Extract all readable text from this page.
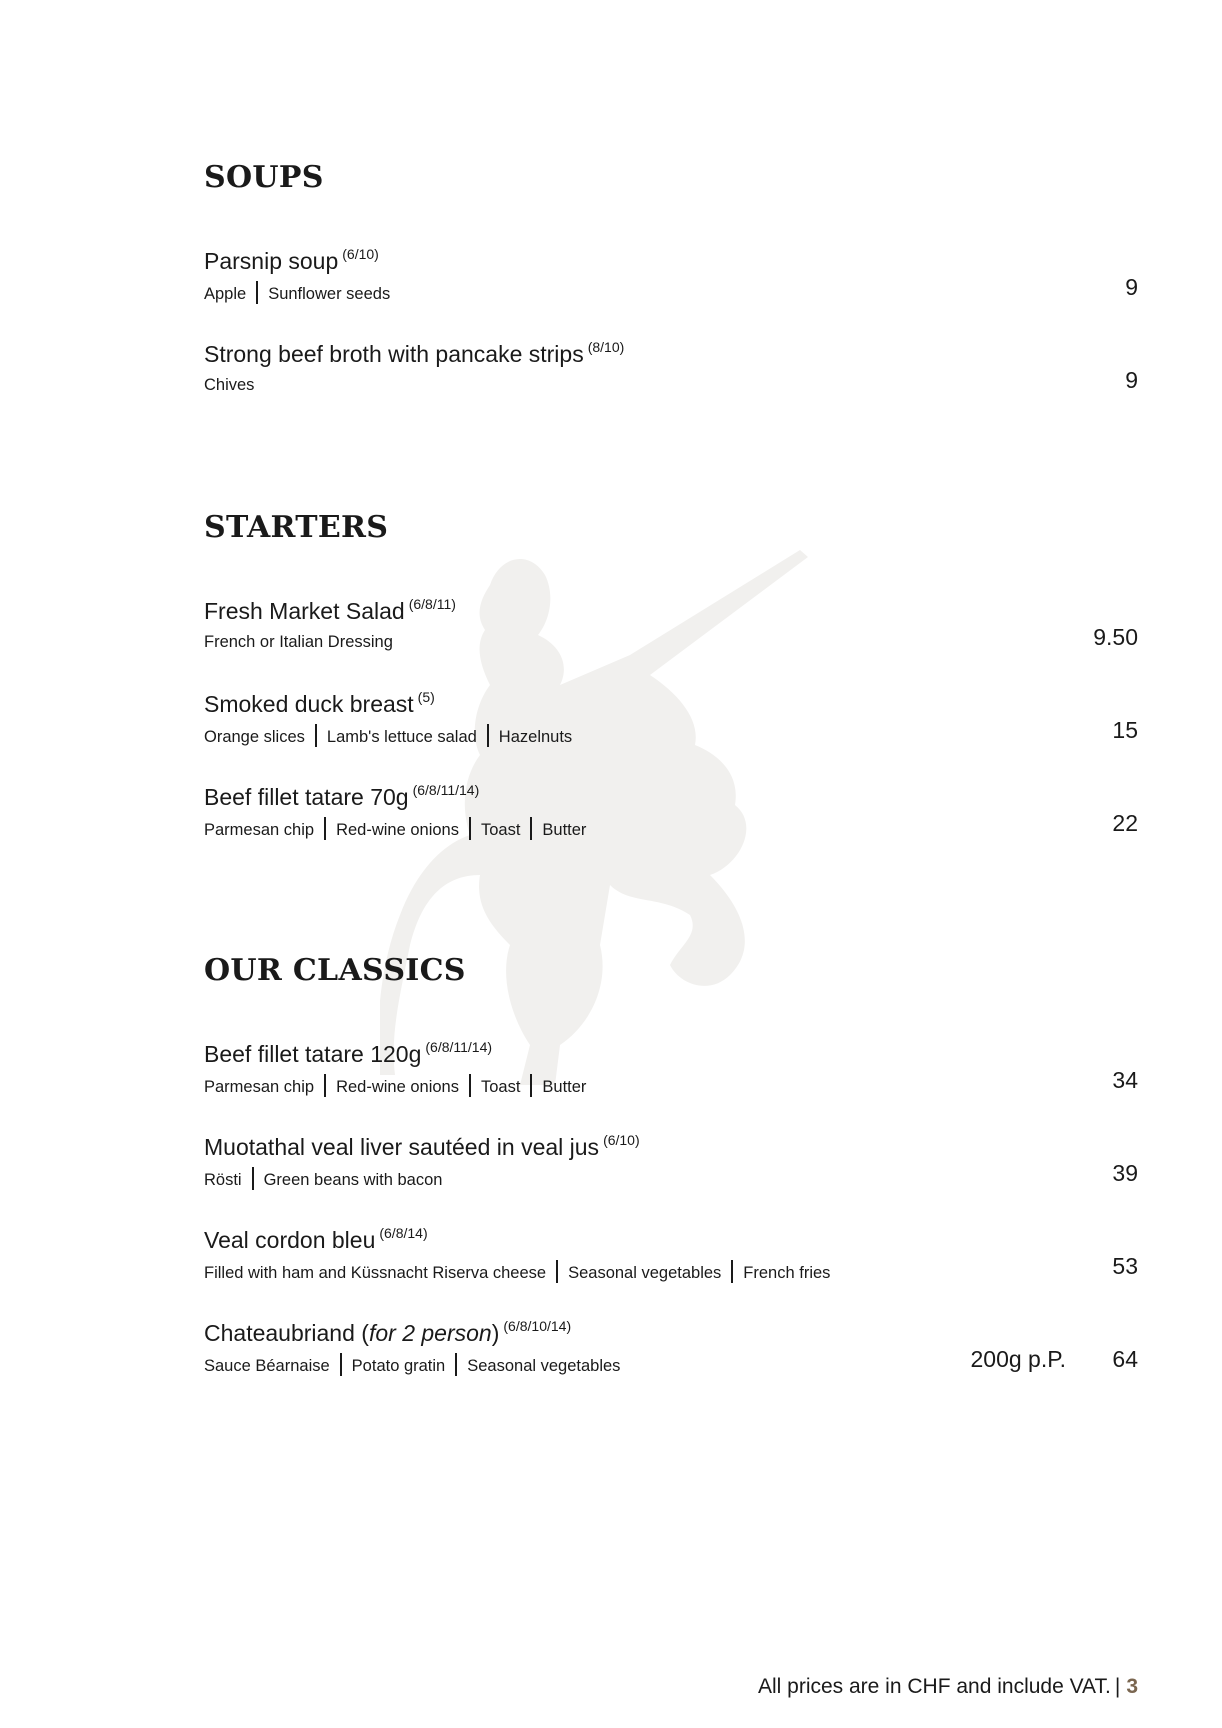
SOUPS
Parsnip soup $^{(6/10)}$
Apple Sunflower seeds	9
Strong beef broth with pancake strips $^{(8/10)}$
Chives	9
STARTERS
Fresh Market Salad $^{(6/8/11)}$
French or Italian Dressing	9.50
Smoked duck breast $^{(5)}$
Orange slices Lamb's lettuce salad Hazelnuts	15
Beef fillet tatare 70g $^{(6/8/11/14)}$
Parmesan chip Red-wine onions Toast Butter	22
OUR CLASSICS
Beef fillet tatare 120g $^{(6/8/11/14)}$
Parmesan chip Red-wine onions Toast Butter	34
Muotathal veal liver sautéed in veal jus $^{(6/10)}$
Rösti Green beans with bacon	39
Veal cordon bleu $^{(6/8/14)}$
Filled with ham and Küssnacht Riserva cheese Seasonal vegetables French fries	53
Chateaubriand (for 2 person) $^{(6/8/10/14)}$
Sauce Béarnaise Potato gratin Seasonal vegetables	200g p.P. 64
All prices are in CHF and include VAT. | 3
